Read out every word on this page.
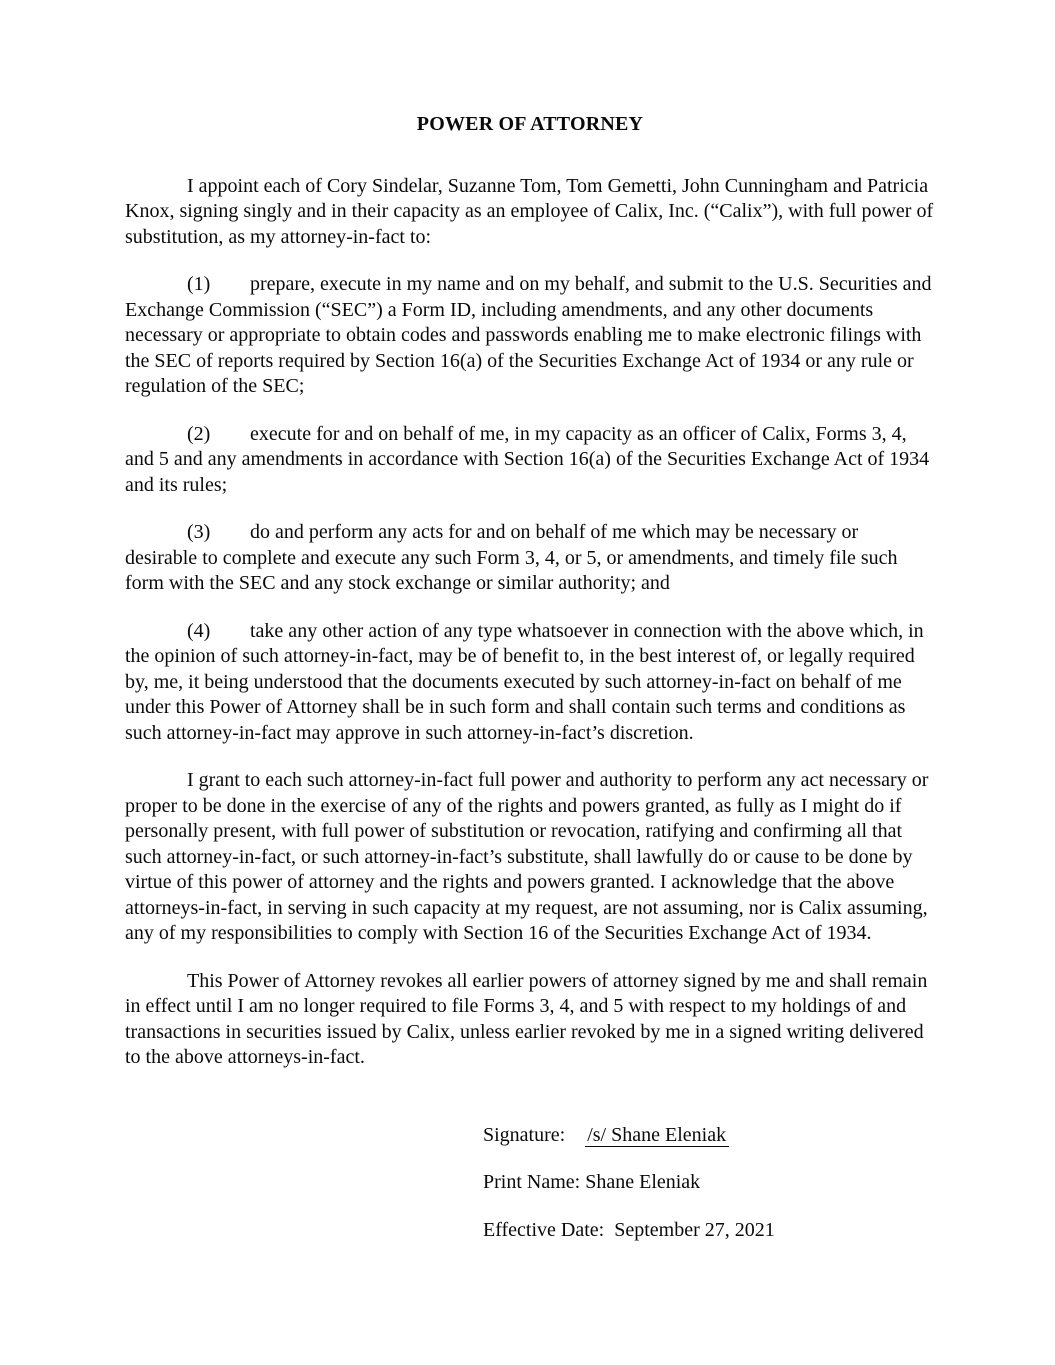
POWER OF ATTORNEY

I appoint each of Cory Sindelar, Suzanne Tom, Tom Gemetti, John Cunningham and Patricia Knox, signing singly and in their capacity as an employee of Calix, Inc. (“Calix”), with full power of substitution, as my attorney-in-fact to:

(1) prepare, execute in my name and on my behalf, and submit to the U.S. Securities and Exchange Commission (“SEC”) a Form ID, including amendments, and any other documents necessary or appropriate to obtain codes and passwords enabling me to make electronic filings with the SEC of reports required by Section 16(a) of the Securities Exchange Act of 1934 or any rule or regulation of the SEC;

(2) execute for and on behalf of me, in my capacity as an officer of Calix, Forms 3, 4, and 5 and any amendments in accordance with Section 16(a) of the Securities Exchange Act of 1934 and its rules;

(3) do and perform any acts for and on behalf of me which may be necessary or desirable to complete and execute any such Form 3, 4, or 5, or amendments, and timely file such form with the SEC and any stock exchange or similar authority; and

(4) take any other action of any type whatsoever in connection with the above which, in the opinion of such attorney-in-fact, may be of benefit to, in the best interest of, or legally required by, me, it being understood that the documents executed by such attorney-in-fact on behalf of me under this Power of Attorney shall be in such form and shall contain such terms and conditions as such attorney-in-fact may approve in such attorney-in-fact’s discretion.

I grant to each such attorney-in-fact full power and authority to perform any act necessary or proper to be done in the exercise of any of the rights and powers granted, as fully as I might do if personally present, with full power of substitution or revocation, ratifying and confirming all that such attorney-in-fact, or such attorney-in-fact’s substitute, shall lawfully do or cause to be done by virtue of this power of attorney and the rights and powers granted. I acknowledge that the above attorneys-in-fact, in serving in such capacity at my request, are not assuming, nor is Calix assuming, any of my responsibilities to comply with Section 16 of the Securities Exchange Act of 1934.

This Power of Attorney revokes all earlier powers of attorney signed by me and shall remain in effect until I am no longer required to file Forms 3, 4, and 5 with respect to my holdings of and transactions in securities issued by Calix, unless earlier revoked by me in a signed writing delivered to the above attorneys-in-fact.

Signature: /s/ Shane Eleniak

Print Name: Shane Eleniak

Effective Date: September 27, 2021
